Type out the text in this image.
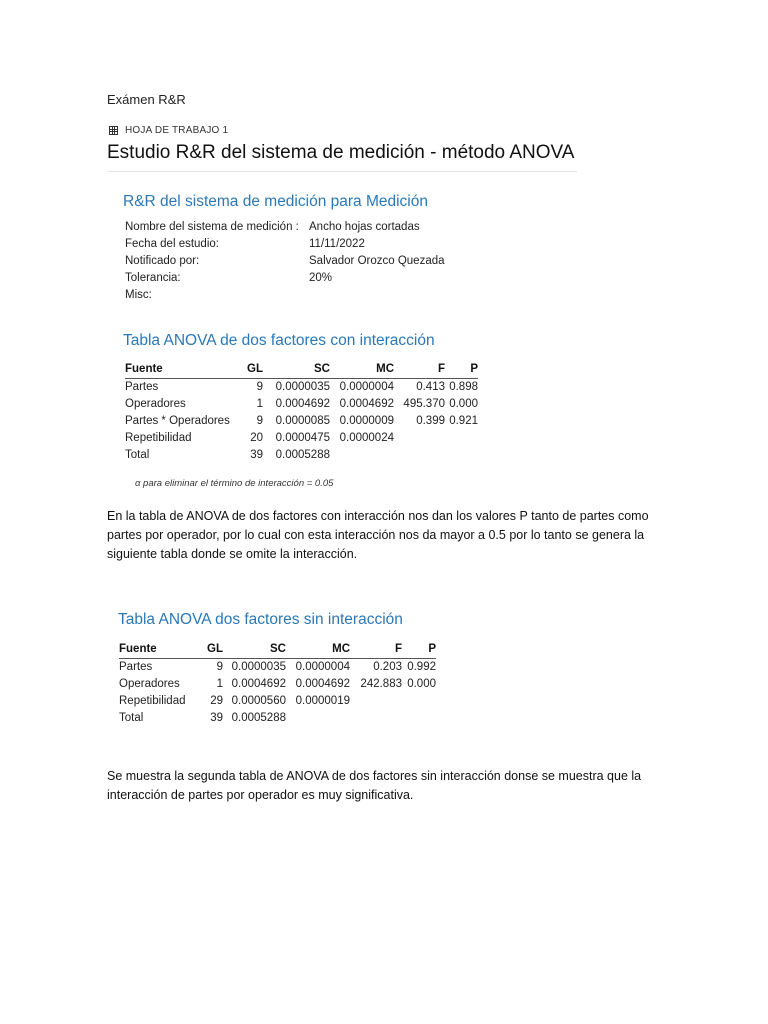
Exámen R&R
HOJA DE TRABAJO 1
Estudio R&R del sistema de medición - método ANOVA
R&R del sistema de medición para Medición
Nombre del sistema de medición : Ancho hojas cortadas
Fecha del estudio:	11/11/2022
Notificado por:	Salvador Orozco Quezada
Tolerancia:	20%
Misc:
Tabla ANOVA de dos factores con interacción
Fuente	GL	SC	MC	F	P
Partes	9	0.0000035	0.0000004	0.413	0.898
Operadores	1	0.0004692	0.0004692	495.370	0.000
Partes * Operadores	9	0.0000085	0.0000009	0.399	0.921
Repetibilidad	20	0.0000475	0.0000024		
Total	39	0.0005288			
α para eliminar el término de interacción = 0.05
En la tabla de ANOVA de dos factores con interacción nos dan los valores P tanto de partes como partes por operador, por lo cual con esta interacción nos da mayor a 0.5 por lo tanto se genera la siguiente tabla donde se omite la interacción.
Tabla ANOVA dos factores sin interacción
Fuente	GL	SC	MC	F	P
Partes	9	0.0000035	0.0000004	0.203	0.992
Operadores	1	0.0004692	0.0004692	242.883	0.000
Repetibilidad	29	0.0000560	0.0000019		
Total	39	0.0005288			
Se muestra la segunda tabla de ANOVA de dos factores sin interacción donse se muestra que la interacción de partes por operador es muy significativa.
